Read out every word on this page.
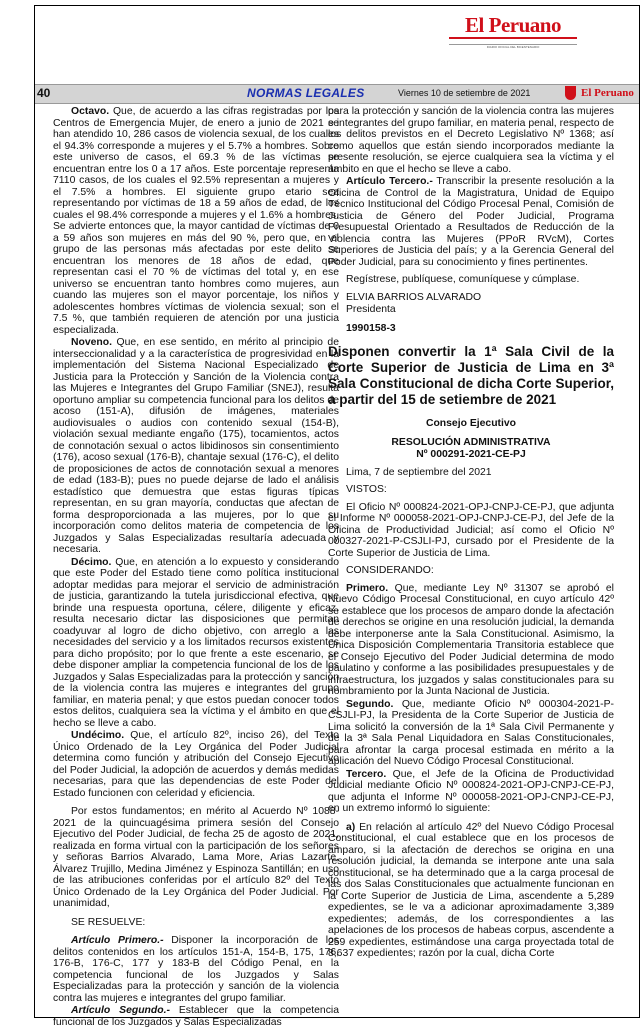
El Peruano
DIARIO OFICIAL DEL BICENTENARIO
40	NORMAS LEGALES	Viernes 10 de setiembre de 2021	El Peruano

Octavo. Que, de acuerdo a las cifras registradas por los Centros de Emergencia Mujer, de enero a junio de 2021 se han atendido 10, 286 casos de violencia sexual, de los cuales el 94.3% corresponde a mujeres y el 5.7% a hombres. Sobre este universo de casos, el 69.3 % de las víctimas se encuentran entre los 0 a 17 años. Este porcentaje representa 7110 casos, de los cuales el 92.5% representan a mujeres y el 7.5% a hombres. El siguiente grupo etario sea representando por víctimas de 18 a 59 años de edad, de los cuales el 98.4% corresponde a mujeres y el 1.6% a hombres. Se advierte entonces que, la mayor cantidad de víctimas de 0 a 59 años son mujeres en más del 90 %, pero que, en el grupo de las personas más afectadas por este delito se encuentran los menores de 18 años de edad, que representan casi el 70 % de víctimas del total y, en ese universo se encuentran tanto hombres como mujeres, aun cuando las mujeres son el mayor porcentaje, los niños y adolescentes hombres víctimas de violencia sexual; son el 7.5 %, que también requieren de atención por una justicia especializada.

Noveno. Que, en ese sentido, en mérito al principio de interseccionalidad y a la característica de progresividad en la implementación del Sistema Nacional Especializado de Justicia para la Protección y Sanción de la Violencia contra las Mujeres e Integrantes del Grupo Familiar (SNEJ), resulta oportuno ampliar su competencia funcional para los delitos de acoso (151-A), difusión de imágenes, materiales audiovisuales o audios con contenido sexual (154-B), violación sexual mediante engaño (175), tocamientos, actos de connotación sexual o actos libidinosos sin consentimiento (176), acoso sexual (176-B), chantaje sexual (176-C), el delito de proposiciones de actos de connotación sexual a menores de edad (183-B); pues no puede dejarse de lado el análisis estadístico que demuestra que estas figuras típicas representan, en su gran mayoría, conductas que afectan de forma desproporcionada a las mujeres, por lo que su incorporación como delitos materia de competencia de los Juzgados y Salas Especializadas resultaría adecuada y necesaria.

Décimo. Que, en atención a lo expuesto y considerando que este Poder del Estado tiene como política institucional adoptar medidas para mejorar el servicio de administración de justicia, garantizando la tutela jurisdiccional efectiva, que brinde una respuesta oportuna, célere, diligente y eficaz, resulta necesario dictar las disposiciones que permitan coadyuvar al logro de dicho objetivo, con arreglo a las necesidades del servicio y a los limitados recursos existentes para dicho propósito; por lo que frente a este escenario, se debe disponer ampliar la competencia funcional de los de los Juzgados y Salas Especializadas para la protección y sanción de la violencia contra las mujeres e integrantes del grupo familiar, en materia penal; y que estos puedan conocer todos estos delitos, cualquiera sea la víctima y el ámbito en que el hecho se lleve a cabo.

Undécimo. Que, el artículo 82º, inciso 26), del Texto Único Ordenado de la Ley Orgánica del Poder Judicial determina como función y atribución del Consejo Ejecutivo del Poder Judicial, la adopción de acuerdos y demás medidas necesarias, para que las dependencias de este Poder del Estado funcionen con celeridad y eficiencia.

Por estos fundamentos; en mérito al Acuerdo Nº 1088-2021 de la quincuagésima primera sesión del Consejo Ejecutivo del Poder Judicial, de fecha 25 de agosto de 2021, realizada en forma virtual con la participación de los señores y señoras Barrios Alvarado, Lama More, Arias Lazarte, Álvarez Trujillo, Medina Jiménez y Espinoza Santillán; en uso de las atribuciones conferidas por el artículo 82º del Texto Único Ordenado de la Ley Orgánica del Poder Judicial. Por unanimidad,

SE RESUELVE:

Artículo Primero.- Disponer la incorporación de los delitos contenidos en los artículos 151-A, 154-B, 175, 176, 176-B, 176-C, 177 y 183-B del Código Penal, en la competencia funcional de los Juzgados y Salas Especializadas para la protección y sanción de la violencia contra las mujeres e integrantes del grupo familiar.

Artículo Segundo.- Establecer que la competencia funcional de los Juzgados y Salas Especializadas

para la protección y sanción de la violencia contra las mujeres e integrantes del grupo familiar, en materia penal, respecto de los delitos previstos en el Decreto Legislativo Nº 1368; así como aquellos que están siendo incorporados mediante la presente resolución, se ejerce cualquiera sea la víctima y el ámbito en que el hecho se lleve a cabo.

Artículo Tercero.- Transcribir la presente resolución a la Oficina de Control de la Magistratura, Unidad de Equipo Técnico Institucional del Código Procesal Penal, Comisión de Justicia de Género del Poder Judicial, Programa Presupuestal Orientado a Resultados de Reducción de la Violencia contra las Mujeres (PPoR RVcM), Cortes Superiores de Justicia del país; y a la Gerencia General del Poder Judicial, para su conocimiento y fines pertinentes.

Regístrese, publíquese, comuníquese y cúmplase.

ELVIA BARRIOS ALVARADO

Presidenta

1990158-3

Disponen convertir la 1ª Sala Civil de la Corte Superior de Justicia de Lima en 3ª Sala Constitucional de dicha Corte Superior, a partir del 15 de setiembre de 2021

Consejo Ejecutivo

RESOLUCIÓN ADMINISTRATIVA

Nº 000291-2021-CE-PJ

Lima, 7 de septiembre del 2021

VISTOS:

El Oficio Nº 000824-2021-OPJ-CNPJ-CE-PJ, que adjunta el Informe Nº 000058-2021-OPJ-CNPJ-CE-PJ, del Jefe de la Oficina de Productividad Judicial; así como el Oficio Nº 000327-2021-P-CSJLI-PJ, cursado por el Presidente de la Corte Superior de Justicia de Lima.

CONSIDERANDO:

Primero. Que, mediante Ley Nº 31307 se aprobó el Nuevo Código Procesal Constitucional, en cuyo artículo 42º se establece que los procesos de amparo donde la afectación de derechos se origine en una resolución judicial, la demanda debe interponerse ante la Sala Constitucional. Asimismo, la Única Disposición Complementaria Transitoria establece que el Consejo Ejecutivo del Poder Judicial determina de modo paulatino y conforme a las posibilidades presupuestales y de infraestructura, los juzgados y salas constitucionales para su nombramiento por la Junta Nacional de Justicia.

Segundo. Que, mediante Oficio Nº 000304-2021-P-CSJLI-PJ, la Presidenta de la Corte Superior de Justicia de Lima solicitó la conversión de la 1ª Sala Civil Permanente y de la 3ª Sala Penal Liquidadora en Salas Constitucionales, para afrontar la carga procesal estimada en mérito a la aplicación del Nuevo Código Procesal Constitucional.

Tercero. Que, el Jefe de la Oficina de Productividad Judicial mediante Oficio Nº 000824-2021-OPJ-CNPJ-CE-PJ, que adjunta el Informe Nº 000058-2021-OPJ-CNPJ-CE-PJ, en un extremo informó lo siguiente:

a) En relación al artículo 42º del Nuevo Código Procesal Constitucional, el cual establece que en los procesos de amparo, si la afectación de derechos se origina en una resolución judicial, la demanda se interpone ante una sala constitucional, se ha determinado que a la carga procesal de las dos Salas Constitucionales que actualmente funcionan en la Corte Superior de Justicia de Lima, ascendente a 5,289 expedientes, se le va a adicionar aproximadamente 3,389 expedientes; además, de los correspondientes a las apelaciones de los procesos de habeas corpus, ascendente a 259 expedientes, estimándose una carga proyectada total de 8,637 expedientes; razón por la cual, dicha Corte
